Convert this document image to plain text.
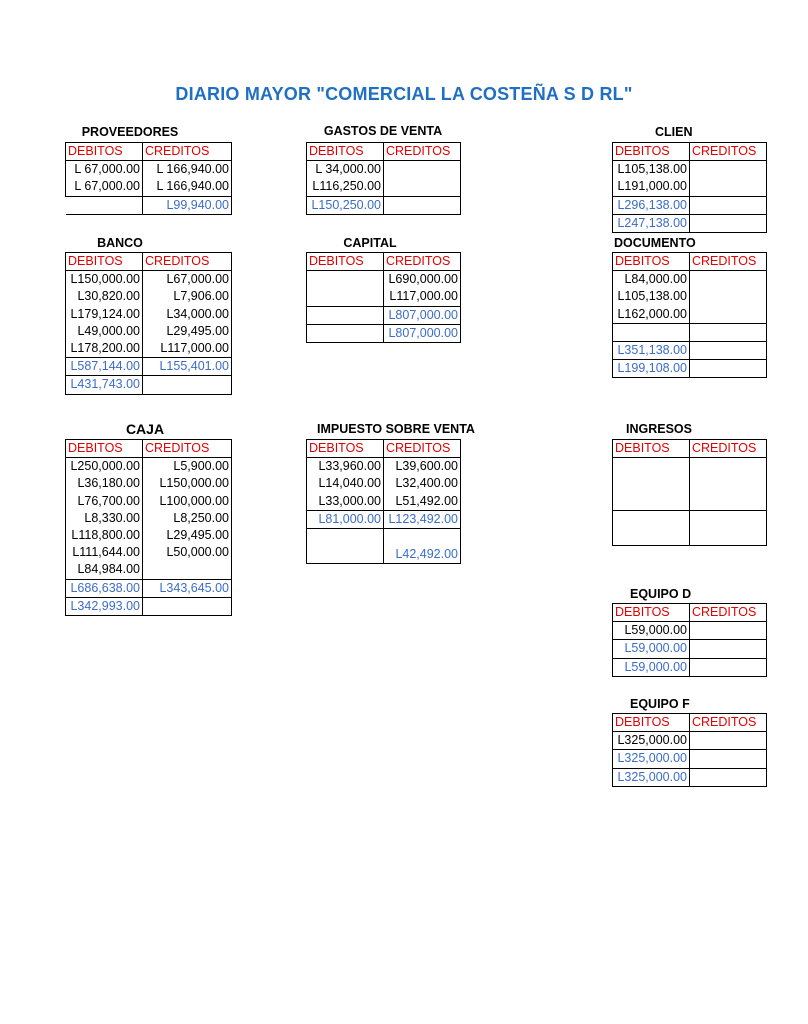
DIARIO MAYOR "COMERCIAL LA COSTEÑA S D RL"
PROVEEDORES
DEBITOS	CREDITOS
L 67,000.00	L 166,940.00
L 67,000.00	L 166,940.00
	L99,940.00
GASTOS DE VENTA
DEBITOS	CREDITOS
L 34,000.00	
L116,250.00	
L150,250.00	
CLIEN
DEBITOS	CREDITOS
L105,138.00	
L191,000.00	
L296,138.00	
L247,138.00	
BANCO
DEBITOS	CREDITOS
L150,000.00	L67,000.00
L30,820.00	L7,906.00
L179,124.00	L34,000.00
L49,000.00	L29,495.00
L178,200.00	L117,000.00
L587,144.00	L155,401.00
L431,743.00	
CAPITAL
DEBITOS	CREDITOS
	L690,000.00
	L117,000.00
	L807,000.00
	L807,000.00
DOCUMENTO
DEBITOS	CREDITOS
L84,000.00	
L105,138.00	
L162,000.00	

L351,138.00	
L199,108.00	
CAJA
DEBITOS	CREDITOS
L250,000.00	L5,900.00
L36,180.00	L150,000.00
L76,700.00	L100,000.00
L8,330.00	L8,250.00
L118,800.00	L29,495.00
L111,644.00	L50,000.00
L84,984.00	
L686,638.00	L343,645.00
L342,993.00	
IMPUESTO SOBRE VENTA
DEBITOS	CREDITOS
L33,960.00	L39,600.00
L14,040.00	L32,400.00
L33,000.00	L51,492.00
L81,000.00	L123,492.00

	L42,492.00
INGRESOS
DEBITOS	CREDITOS

EQUIPO D
DEBITOS	CREDITOS
L59,000.00	
L59,000.00	
L59,000.00	
EQUIPO F
DEBITOS	CREDITOS
L325,000.00	
L325,000.00	
L325,000.00	
